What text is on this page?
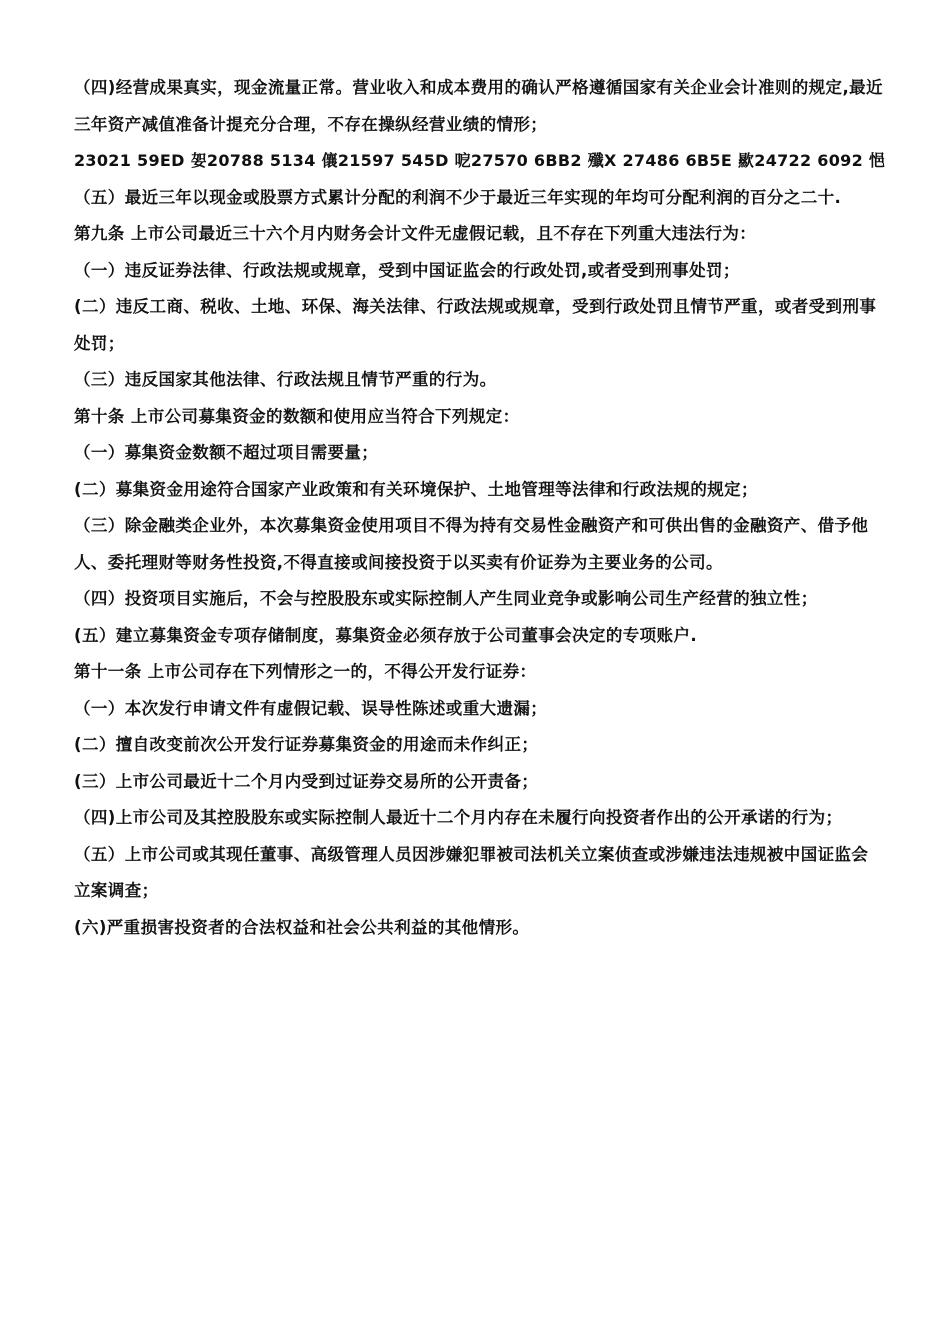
（四)经营成果真实，现金流量正常。营业收入和成本费用的确认严格遵循国家有关企业会计准则的规定,最近三年资产减值准备计提充分合理，不存在操纵经营业绩的情形；

23021 59ED 妿20788 5134 儴21597 545D 呝27570 6BB2 殲X 27486 6B5E 歞24722 6092 悒

（五）最近三年以现金或股票方式累计分配的利润不少于最近三年实现的年均可分配利润的百分之二十.

第九条 上市公司最近三十六个月内财务会计文件无虚假记载，且不存在下列重大违法行为：

（一）违反证券法律、行政法规或规章，受到中国证监会的行政处罚,或者受到刑事处罚；

(二）违反工商、税收、土地、环保、海关法律、行政法规或规章，受到行政处罚且情节严重，或者受到刑事处罚；

（三）违反国家其他法律、行政法规且情节严重的行为。

第十条 上市公司募集资金的数额和使用应当符合下列规定：

（一）募集资金数额不超过项目需要量；

(二）募集资金用途符合国家产业政策和有关环境保护、土地管理等法律和行政法规的规定；

（三）除金融类企业外，本次募集资金使用项目不得为持有交易性金融资产和可供出售的金融资产、借予他人、委托理财等财务性投资,不得直接或间接投资于以买卖有价证券为主要业务的公司。

（四）投资项目实施后，不会与控股股东或实际控制人产生同业竞争或影响公司生产经营的独立性；

(五）建立募集资金专项存储制度，募集资金必须存放于公司董事会决定的专项账户.

第十一条 上市公司存在下列情形之一的，不得公开发行证券：

（一）本次发行申请文件有虚假记载、误导性陈述或重大遗漏；

(二）擅自改变前次公开发行证券募集资金的用途而未作纠正；

(三）上市公司最近十二个月内受到过证券交易所的公开责备；

（四)上市公司及其控股股东或实际控制人最近十二个月内存在未履行向投资者作出的公开承诺的行为；

（五）上市公司或其现任董事、高级管理人员因涉嫌犯罪被司法机关立案侦查或涉嫌违法违规被中国证监会立案调查；

(六)严重损害投资者的合法权益和社会公共利益的其他情形。
